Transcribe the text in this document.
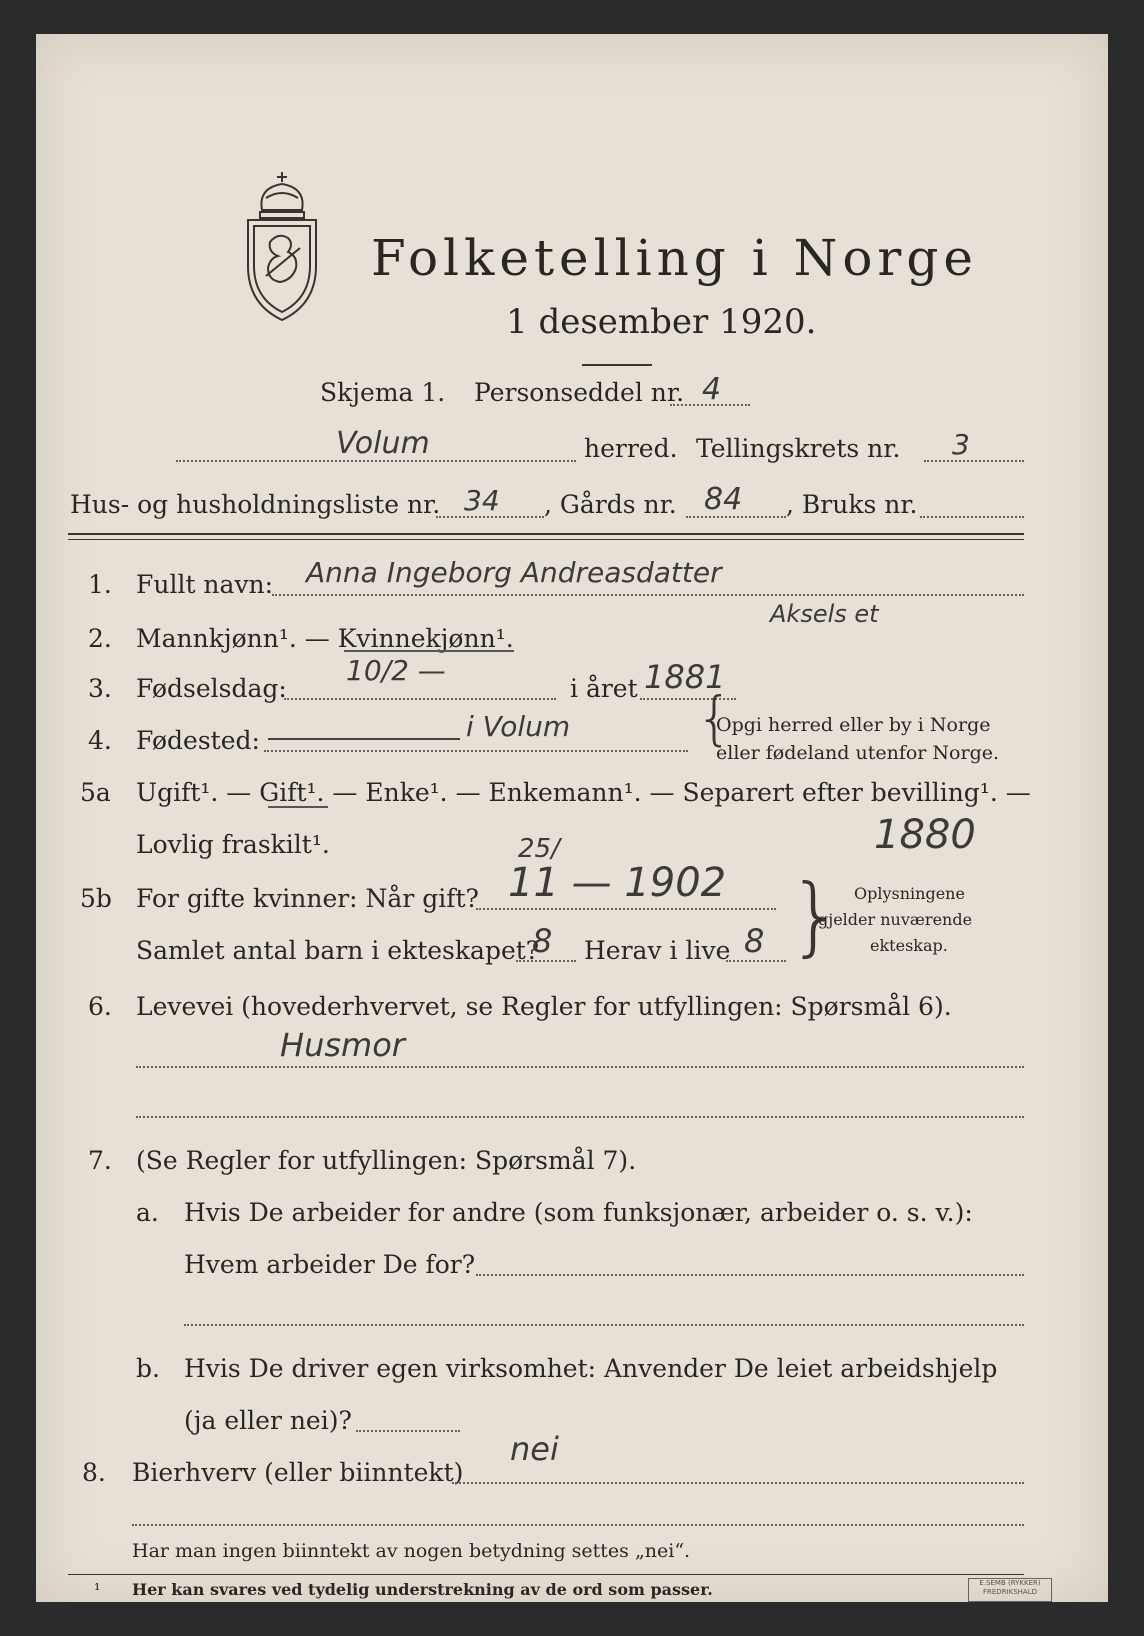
Folketelling i Norge
1 desember 1920.
Skjema 1. Personseddel nr. 4
Volum	herred. Tellingskrets nr. 3
Hus- og husholdningsliste nr. 34 , Gårds nr. 84 , Bruks nr.
1. Fullt navn: Anna Ingeborg Andreasdatter
Aksels et
2. Mannkjønn¹. — Kvinnekjønn¹.
3. Fødselsdag:
10/2 —
i året 1881
4. Fødested:	i Volum {
Opgi herred eller by i Norge
eller fødeland utenfor Norge.
5a Ugift¹. — Gift¹. — Enke¹. — Enkemann¹. — Separert efter bevilling¹. —
Lovlig fraskilt¹.	1880
5b For gifte kvinner: Når gift?
25/
11 — 1902
Samlet antal barn i ekteskapet?
8 Herav i live 8 } Oplysningene
gjelder nuværende
ekteskap.
6. Levevei (hovederhvervet, se Regler for utfyllingen: Spørsmål 6).
Husmor
7. (Se Regler for utfyllingen: Spørsmål 7).
a. Hvis De arbeider for andre (som funksjonær, arbeider o. s. v.):
Hvem arbeider De for?
b. Hvis De driver egen virksomhet: Anvender De leiet arbeidshjelp
(ja eller nei)?
8. Bierhverv (eller biinntekt)
nei
Har man ingen biinntekt av nogen betydning settes „nei“.
¹ Her kan svares ved tydelig understrekning av de ord som passer.	E.SEMB (RYKKER)
FREDRIKSHALD
